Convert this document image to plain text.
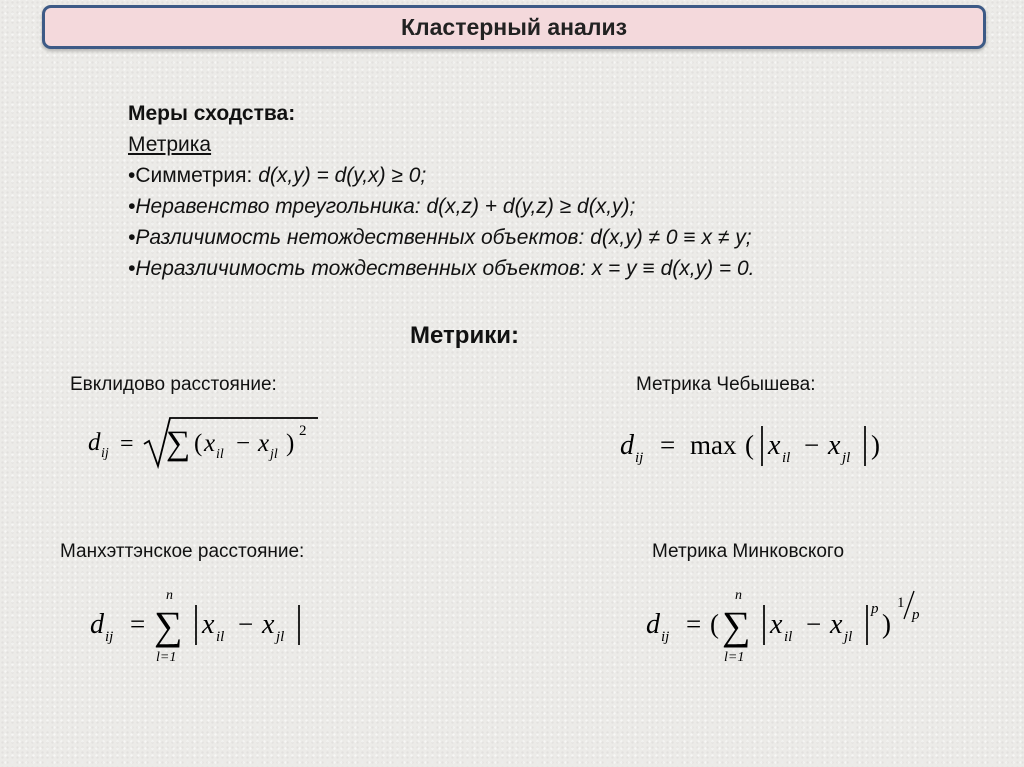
Кластерный анализ
Меры сходства:
Метрика
•Симметрия: d(x,y) = d(y,x) ≥ 0;
•Неравенство треугольника: d(x,z) + d(y,z) ≥ d(x,y);
•Различимость нетождественных объектов: d(x,y) ≠ 0 ≡ x ≠ y;
•Неразличимость тождественных объектов: x = y ≡ d(x,y) = 0.
Метрики:
Евклидово расстояние:	Метрика Чебышева:
Манхэттэнское расстояние:	Метрика Минковского
d ij = ∑ ( x il − x jl ) 2	d ij = max ( x il − x jl )
d ij =
n
∑
l=1
x il − x jl	d ij = (
n
∑
l=1
x il − x jl
p )
1
p
